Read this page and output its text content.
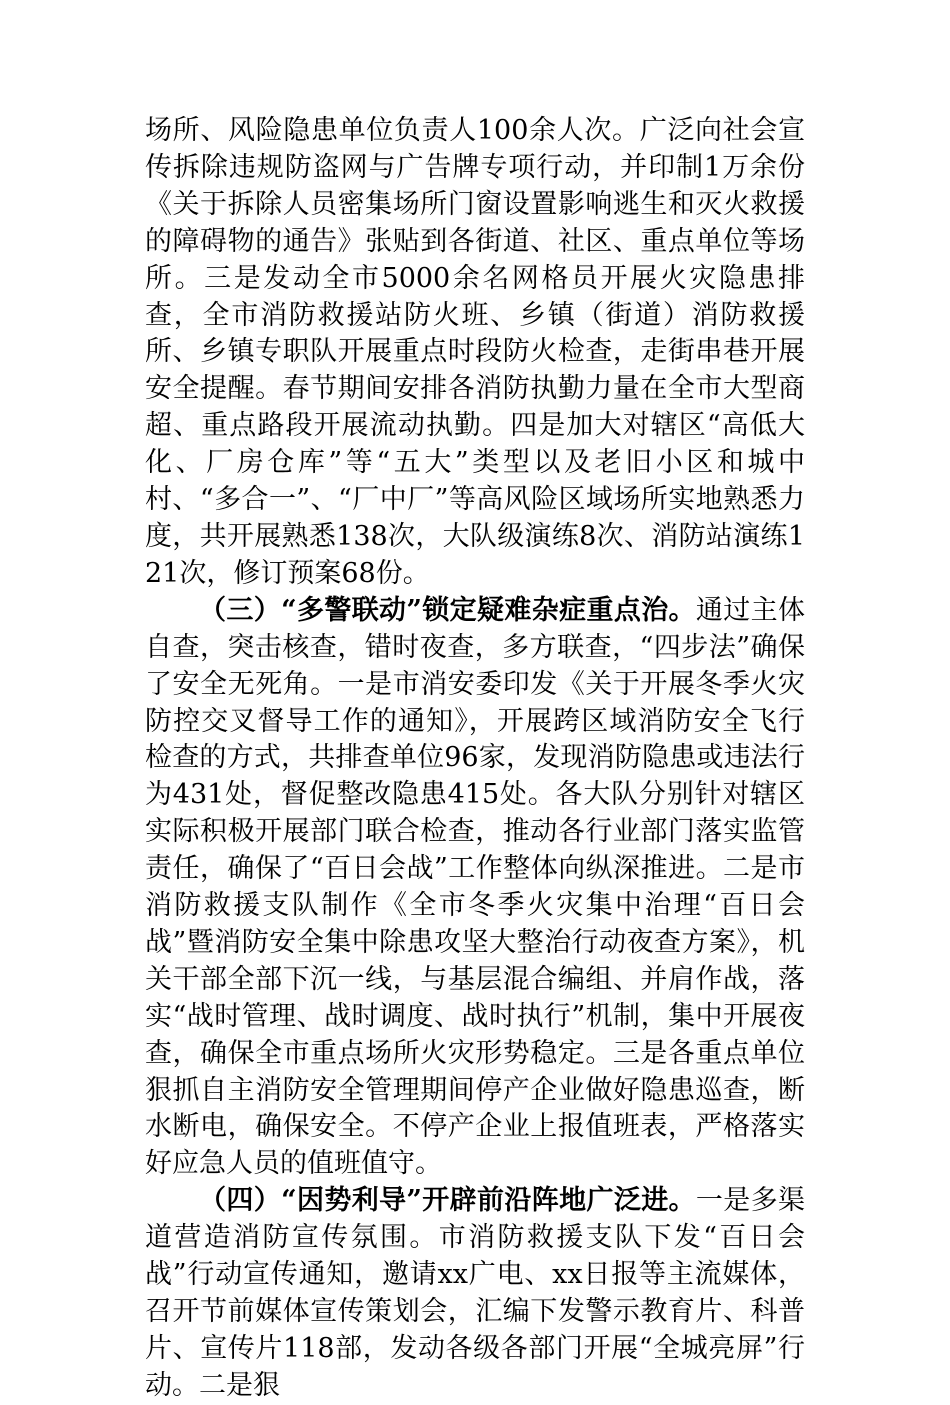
场所、风险隐患单位负责人100余人次。广泛向社会宣传拆除违规防盗网与广告牌专项行动，并印制1万余份《关于拆除人员密集场所门窗设置影响逃生和灭火救援的障碍物的通告》张贴到各街道、社区、重点单位等场所。三是发动全市5000余名网格员开展火灾隐患排查，全市消防救援站防火班、乡镇（街道）消防救援所、乡镇专职队开展重点时段防火检查，走街串巷开展安全提醒。春节期间安排各消防执勤力量在全市大型商超、重点路段开展流动执勤。四是加大对辖区“高低大化、厂房仓库”等“五大”类型以及老旧小区和城中村、“多合一”、“厂中厂”等高风险区域场所实地熟悉力度，共开展熟悉138次，大队级演练8次、消防站演练121次，修订预案68份。

（三）“多警联动”锁定疑难杂症重点治。通过主体自查，突击核查，错时夜查，多方联查，“四步法”确保了安全无死角。一是市消安委印发《关于开展冬季火灾防控交叉督导工作的通知》，开展跨区域消防安全飞行检查的方式，共排查单位96家，发现消防隐患或违法行为431处，督促整改隐患415处。各大队分别针对辖区实际积极开展部门联合检查，推动各行业部门落实监管责任，确保了“百日会战”工作整体向纵深推进。二是市消防救援支队制作《全市冬季火灾集中治理“百日会战”暨消防安全集中除患攻坚大整治行动夜查方案》，机关干部全部下沉一线，与基层混合编组、并肩作战，落实“战时管理、战时调度、战时执行”机制，集中开展夜查，确保全市重点场所火灾形势稳定。三是各重点单位狠抓自主消防安全管理期间停产企业做好隐患巡查，断水断电，确保安全。不停产企业上报值班表，严格落实好应急人员的值班值守。

（四）“因势利导”开辟前沿阵地广泛进。一是多渠道营造消防宣传氛围。市消防救援支队下发“百日会战”行动宣传通知，邀请xx广电、xx日报等主流媒体，召开节前媒体宣传策划会，汇编下发警示教育片、科普片、宣传片118部，发动各级各部门开展“全城亮屏”行动。二是狠
